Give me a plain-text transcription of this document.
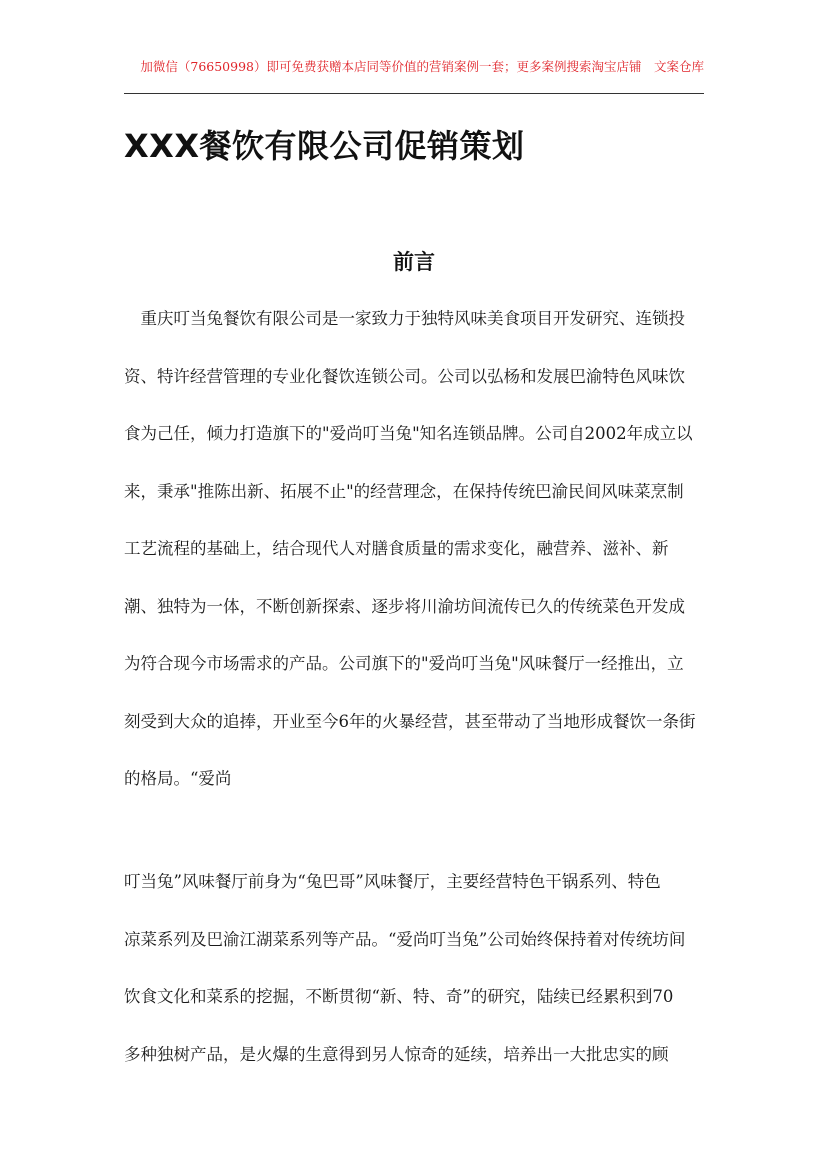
加微信（76650998）即可免费获赠本店同等价值的营销案例一套；更多案例搜索淘宝店铺　文案仓库
XXX餐饮有限公司促销策划
前言
　重庆叮当兔餐饮有限公司是一家致力于独特风味美食项目开发研究、连锁投
资、特许经营管理的专业化餐饮连锁公司。公司以弘杨和发展巴渝特色风味饮
食为己任，倾力打造旗下的"爱尚叮当兔"知名连锁品牌。公司自2002年成立以
来，秉承"推陈出新、拓展不止"的经营理念，在保持传统巴渝民间风味菜烹制
工艺流程的基础上，结合现代人对膳食质量的需求变化，融营养、滋补、新
潮、独特为一体，不断创新探索、逐步将川渝坊间流传已久的传统菜色开发成
为符合现今市场需求的产品。公司旗下的"爱尚叮当兔"风味餐厅一经推出，立
刻受到大众的追捧，开业至今6年的火暴经营，甚至带动了当地形成餐饮一条街
的格局。“爱尚
叮当兔”风味餐厅前身为“兔巴哥”风味餐厅，主要经营特色干锅系列、特色
凉菜系列及巴渝江湖菜系列等产品。“爱尚叮当兔”公司始终保持着对传统坊间
饮食文化和菜系的挖掘，不断贯彻“新、特、奇”的研究，陆续已经累积到70
多种独树产品，是火爆的生意得到另人惊奇的延续，培养出一大批忠实的顾
